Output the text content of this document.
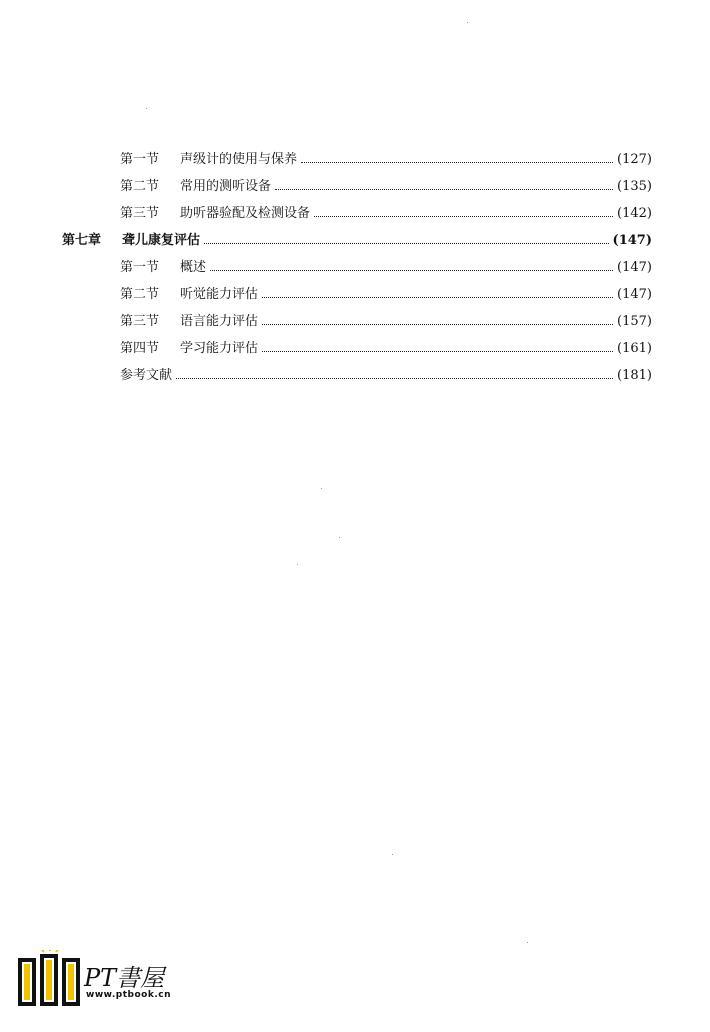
第一节	声级计的使用与保养	(127)
第二节	常用的测听设备	(135)
第三节	助听器验配及检测设备	(142)
第七章	聋儿康复评估	(147)
第一节	概述	(147)
第二节	听觉能力评估	(147)
第三节	语言能力评估	(157)
第四节	学习能力评估	(161)
参考文献	(181)
PT書屋
www.ptbook.cn
